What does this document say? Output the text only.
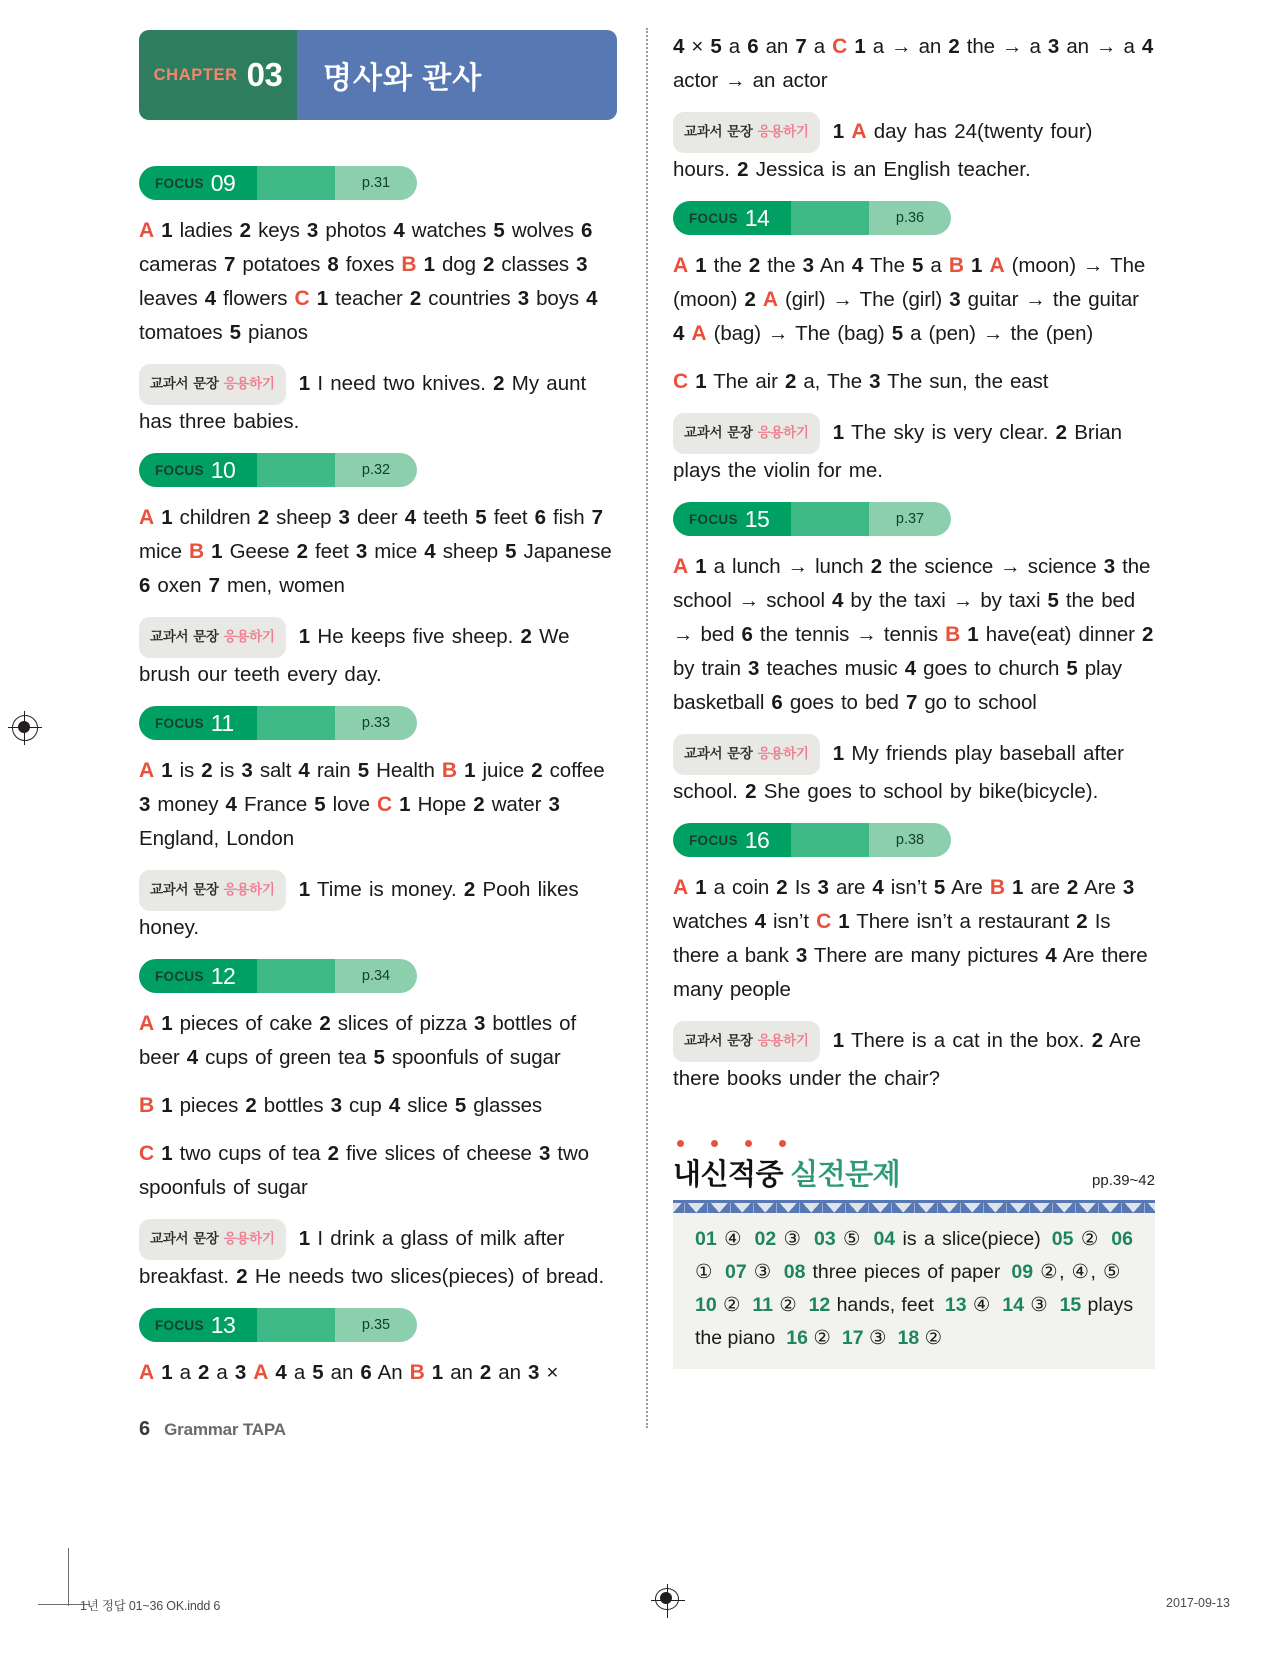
CHAPTER 03 명사와 관사
FOCUS 09	p.31
A 1 ladies 2 keys 3 photos 4 watches 5 wolves 6 cameras 7 potatoes 8 foxes B 1 dog 2 classes 3 leaves 4 flowers C 1 teacher 2 countries 3 boys 4 tomatoes 5 pianos
교과서 문장 응용하기 1 I need two knives. 2 My aunt has three babies.
FOCUS 10	p.32
A 1 children 2 sheep 3 deer 4 teeth 5 feet 6 fish 7 mice B 1 Geese 2 feet 3 mice 4 sheep 5 Japanese 6 oxen 7 men, women
교과서 문장 응용하기 1 He keeps five sheep. 2 We brush our teeth every day.
FOCUS 11	p.33
A 1 is 2 is 3 salt 4 rain 5 Health B 1 juice 2 coffee 3 money 4 France 5 love C 1 Hope 2 water 3 England, London
교과서 문장 응용하기 1 Time is money. 2 Pooh likes honey.
FOCUS 12	p.34
A 1 pieces of cake 2 slices of pizza 3 bottles of beer 4 cups of green tea 5 spoonfuls of sugar
B 1 pieces 2 bottles 3 cup 4 slice 5 glasses
C 1 two cups of tea 2 five slices of cheese 3 two spoonfuls of sugar
교과서 문장 응용하기 1 I drink a glass of milk after breakfast. 2 He needs two slices(pieces) of bread.
FOCUS 13	p.35
A 1 a 2 a 3 A 4 a 5 an 6 An B 1 an 2 an 3 ×
4 × 5 a 6 an 7 a C 1 a → an 2 the → a 3 an → a 4 actor → an actor
교과서 문장 응용하기 1 A day has 24(twenty four) hours. 2 Jessica is an English teacher.
FOCUS 14	p.36
A 1 the 2 the 3 An 4 The 5 a B 1 A (moon) → The (moon) 2 A (girl) → The (girl) 3 guitar → the guitar 4 A (bag) → The (bag) 5 a (pen) → the (pen)
C 1 The air 2 a, The 3 The sun, the east
교과서 문장 응용하기 1 The sky is very clear. 2 Brian plays the violin for me.
FOCUS 15	p.37
A 1 a lunch → lunch 2 the science → science 3 the school → school 4 by the taxi → by taxi 5 the bed → bed 6 the tennis → tennis B 1 have(eat) dinner 2 by train 3 teaches music 4 goes to church 5 play basketball 6 goes to bed 7 go to school
교과서 문장 응용하기 1 My friends play baseball after school. 2 She goes to school by bike(bicycle).
FOCUS 16	p.38
A 1 a coin 2 Is 3 are 4 isn’t 5 Are B 1 are 2 Are 3 watches 4 isn’t C 1 There isn’t a restaurant 2 Is there a bank 3 There are many pictures 4 Are there many people
교과서 문장 응용하기 1 There is a cat in the box. 2 Are there books under the chair?
내신적중 실전문제	pp.39~42
01 ④ 02 ③ 03 ⑤ 04 is a slice(piece) 05 ② 06 ① 07 ③ 08 three pieces of paper 09 ②, ④, ⑤10 ② 11 ② 12 hands, feet 13 ④ 14 ③ 15 plays the piano 16 ② 17 ③ 18 ②
6 Grammar TAPA
1년 정답 01~36 OK.indd 6	2017-09-13
